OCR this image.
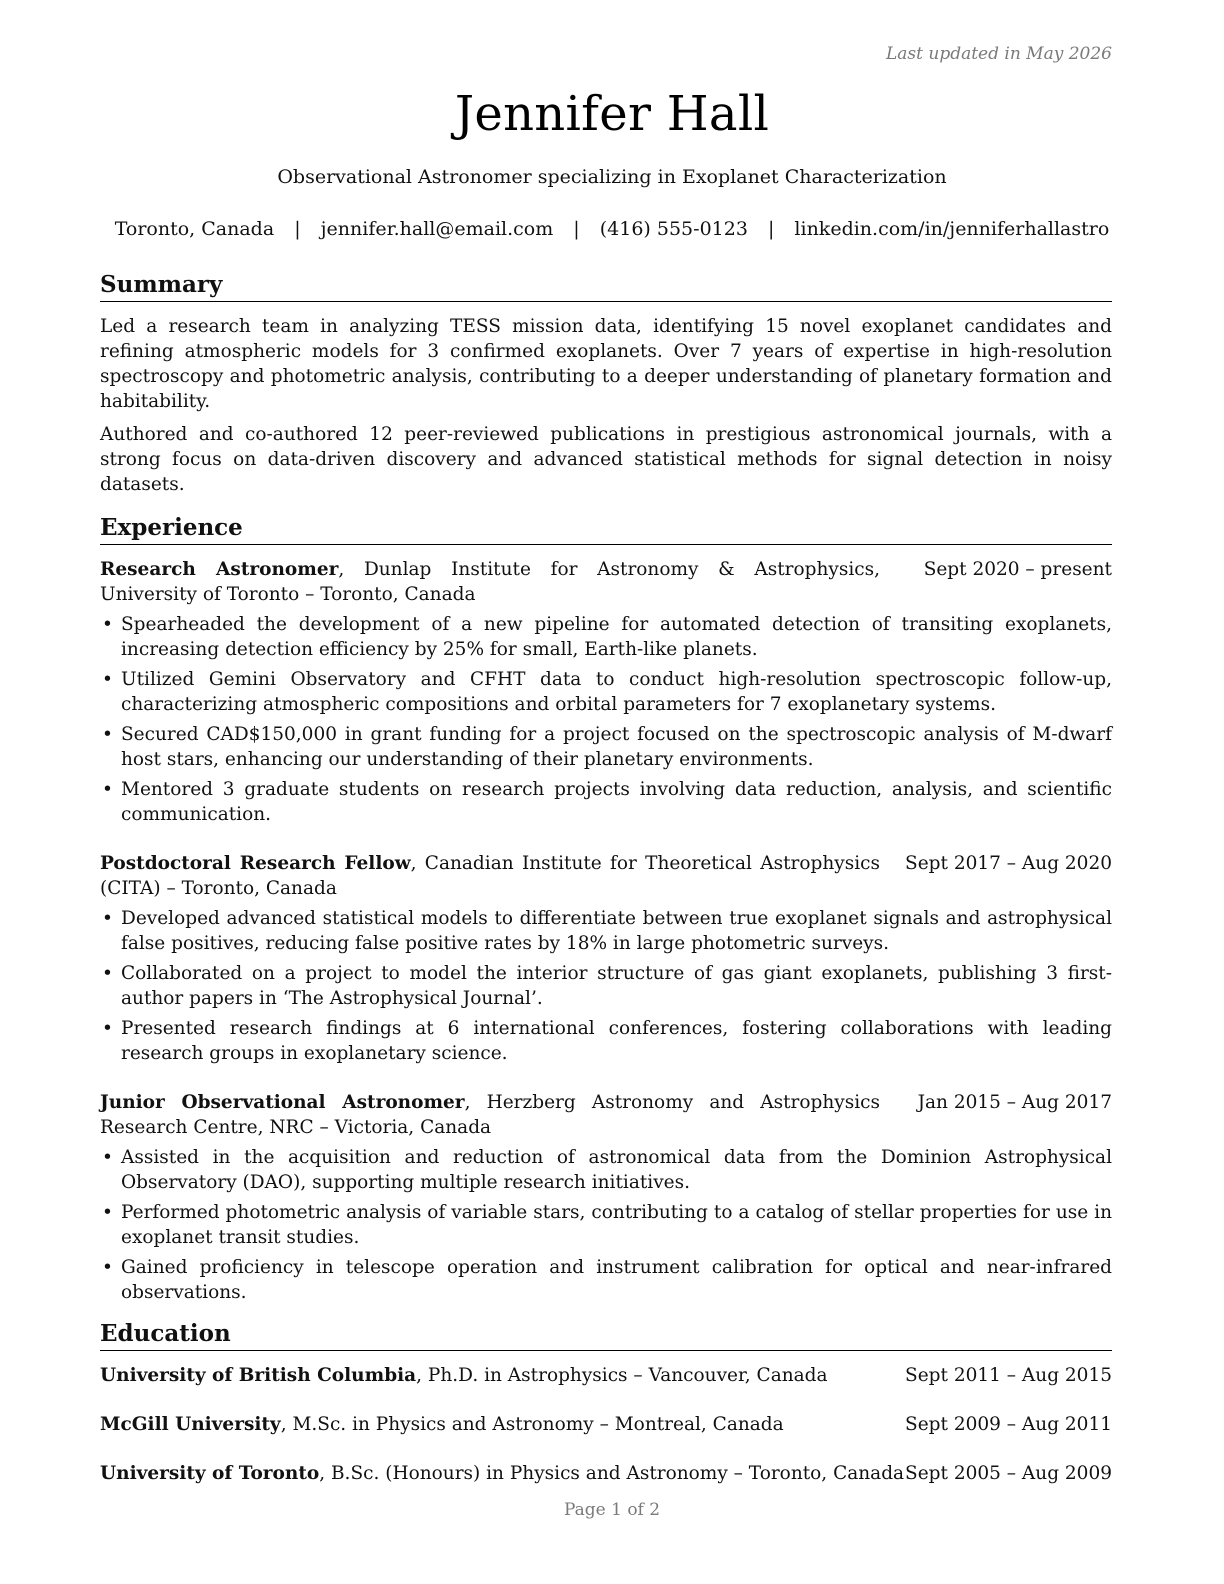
Last updated in May 2026
Jennifer Hall
Observational Astronomer specializing in Exoplanet Characterization
Toronto, Canada | jennifer.hall@email.com | (416) 555-0123 | linkedin.com/in/jenniferhallastro
Summary

Led a research team in analyzing TESS mission data, identifying 15 novel exoplanet candidates and refining atmospheric models for 3 confirmed exoplanets. Over 7 years of expertise in high-resolution spectroscopy and photometric analysis, contributing to a deeper understanding of planetary formation and habitability.

Authored and co-authored 12 peer-reviewed publications in prestigious astronomical journals, with a strong focus on data-driven discovery and advanced statistical methods for signal detection in noisy datasets.

Experience
Research Astronomer, Dunlap Institute for Astronomy & Astrophysics, University of Toronto – Toronto, Canada
Sept 2020 – present
• Spearheaded the development of a new pipeline for automated detection of transiting exoplanets, increasing detection efficiency by 25% for small, Earth-like planets.
• Utilized Gemini Observatory and CFHT data to conduct high-resolution spectroscopic follow-up, characterizing atmospheric compositions and orbital parameters for 7 exoplanetary systems.
• Secured CAD$150,000 in grant funding for a project focused on the spectroscopic analysis of M-dwarf host stars, enhancing our understanding of their planetary environments.
• Mentored 3 graduate students on research projects involving data reduction, analysis, and scientific communication.
Postdoctoral Research Fellow, Canadian Institute for Theoretical Astrophysics (CITA) – Toronto, Canada
Sept 2017 – Aug 2020
• Developed advanced statistical models to differentiate between true exoplanet signals and astrophysical false positives, reducing false positive rates by 18% in large photometric surveys.
• Collaborated on a project to model the interior structure of gas giant exoplanets, publishing 3 first-author papers in ‘The Astrophysical Journal’.
• Presented research findings at 6 international conferences, fostering collaborations with leading research groups in exoplanetary science.
Junior Observational Astronomer, Herzberg Astronomy and Astrophysics Research Centre, NRC – Victoria, Canada
Jan 2015 – Aug 2017
• Assisted in the acquisition and reduction of astronomical data from the Dominion Astrophysical Observatory (DAO), supporting multiple research initiatives.
• Performed photometric analysis of variable stars, contributing to a catalog of stellar properties for use in exoplanet transit studies.
• Gained proficiency in telescope operation and instrument calibration for optical and near-infrared observations.
Education
University of British Columbia, Ph.D. in Astrophysics – Vancouver, Canada	Sept 2011 – Aug 2015
McGill University, M.Sc. in Physics and Astronomy – Montreal, Canada	Sept 2009 – Aug 2011
University of Toronto, B.Sc. (Honours) in Physics and Astronomy – Toronto, Canada Sept 2005 – Aug 2009
Page 1 of 2
